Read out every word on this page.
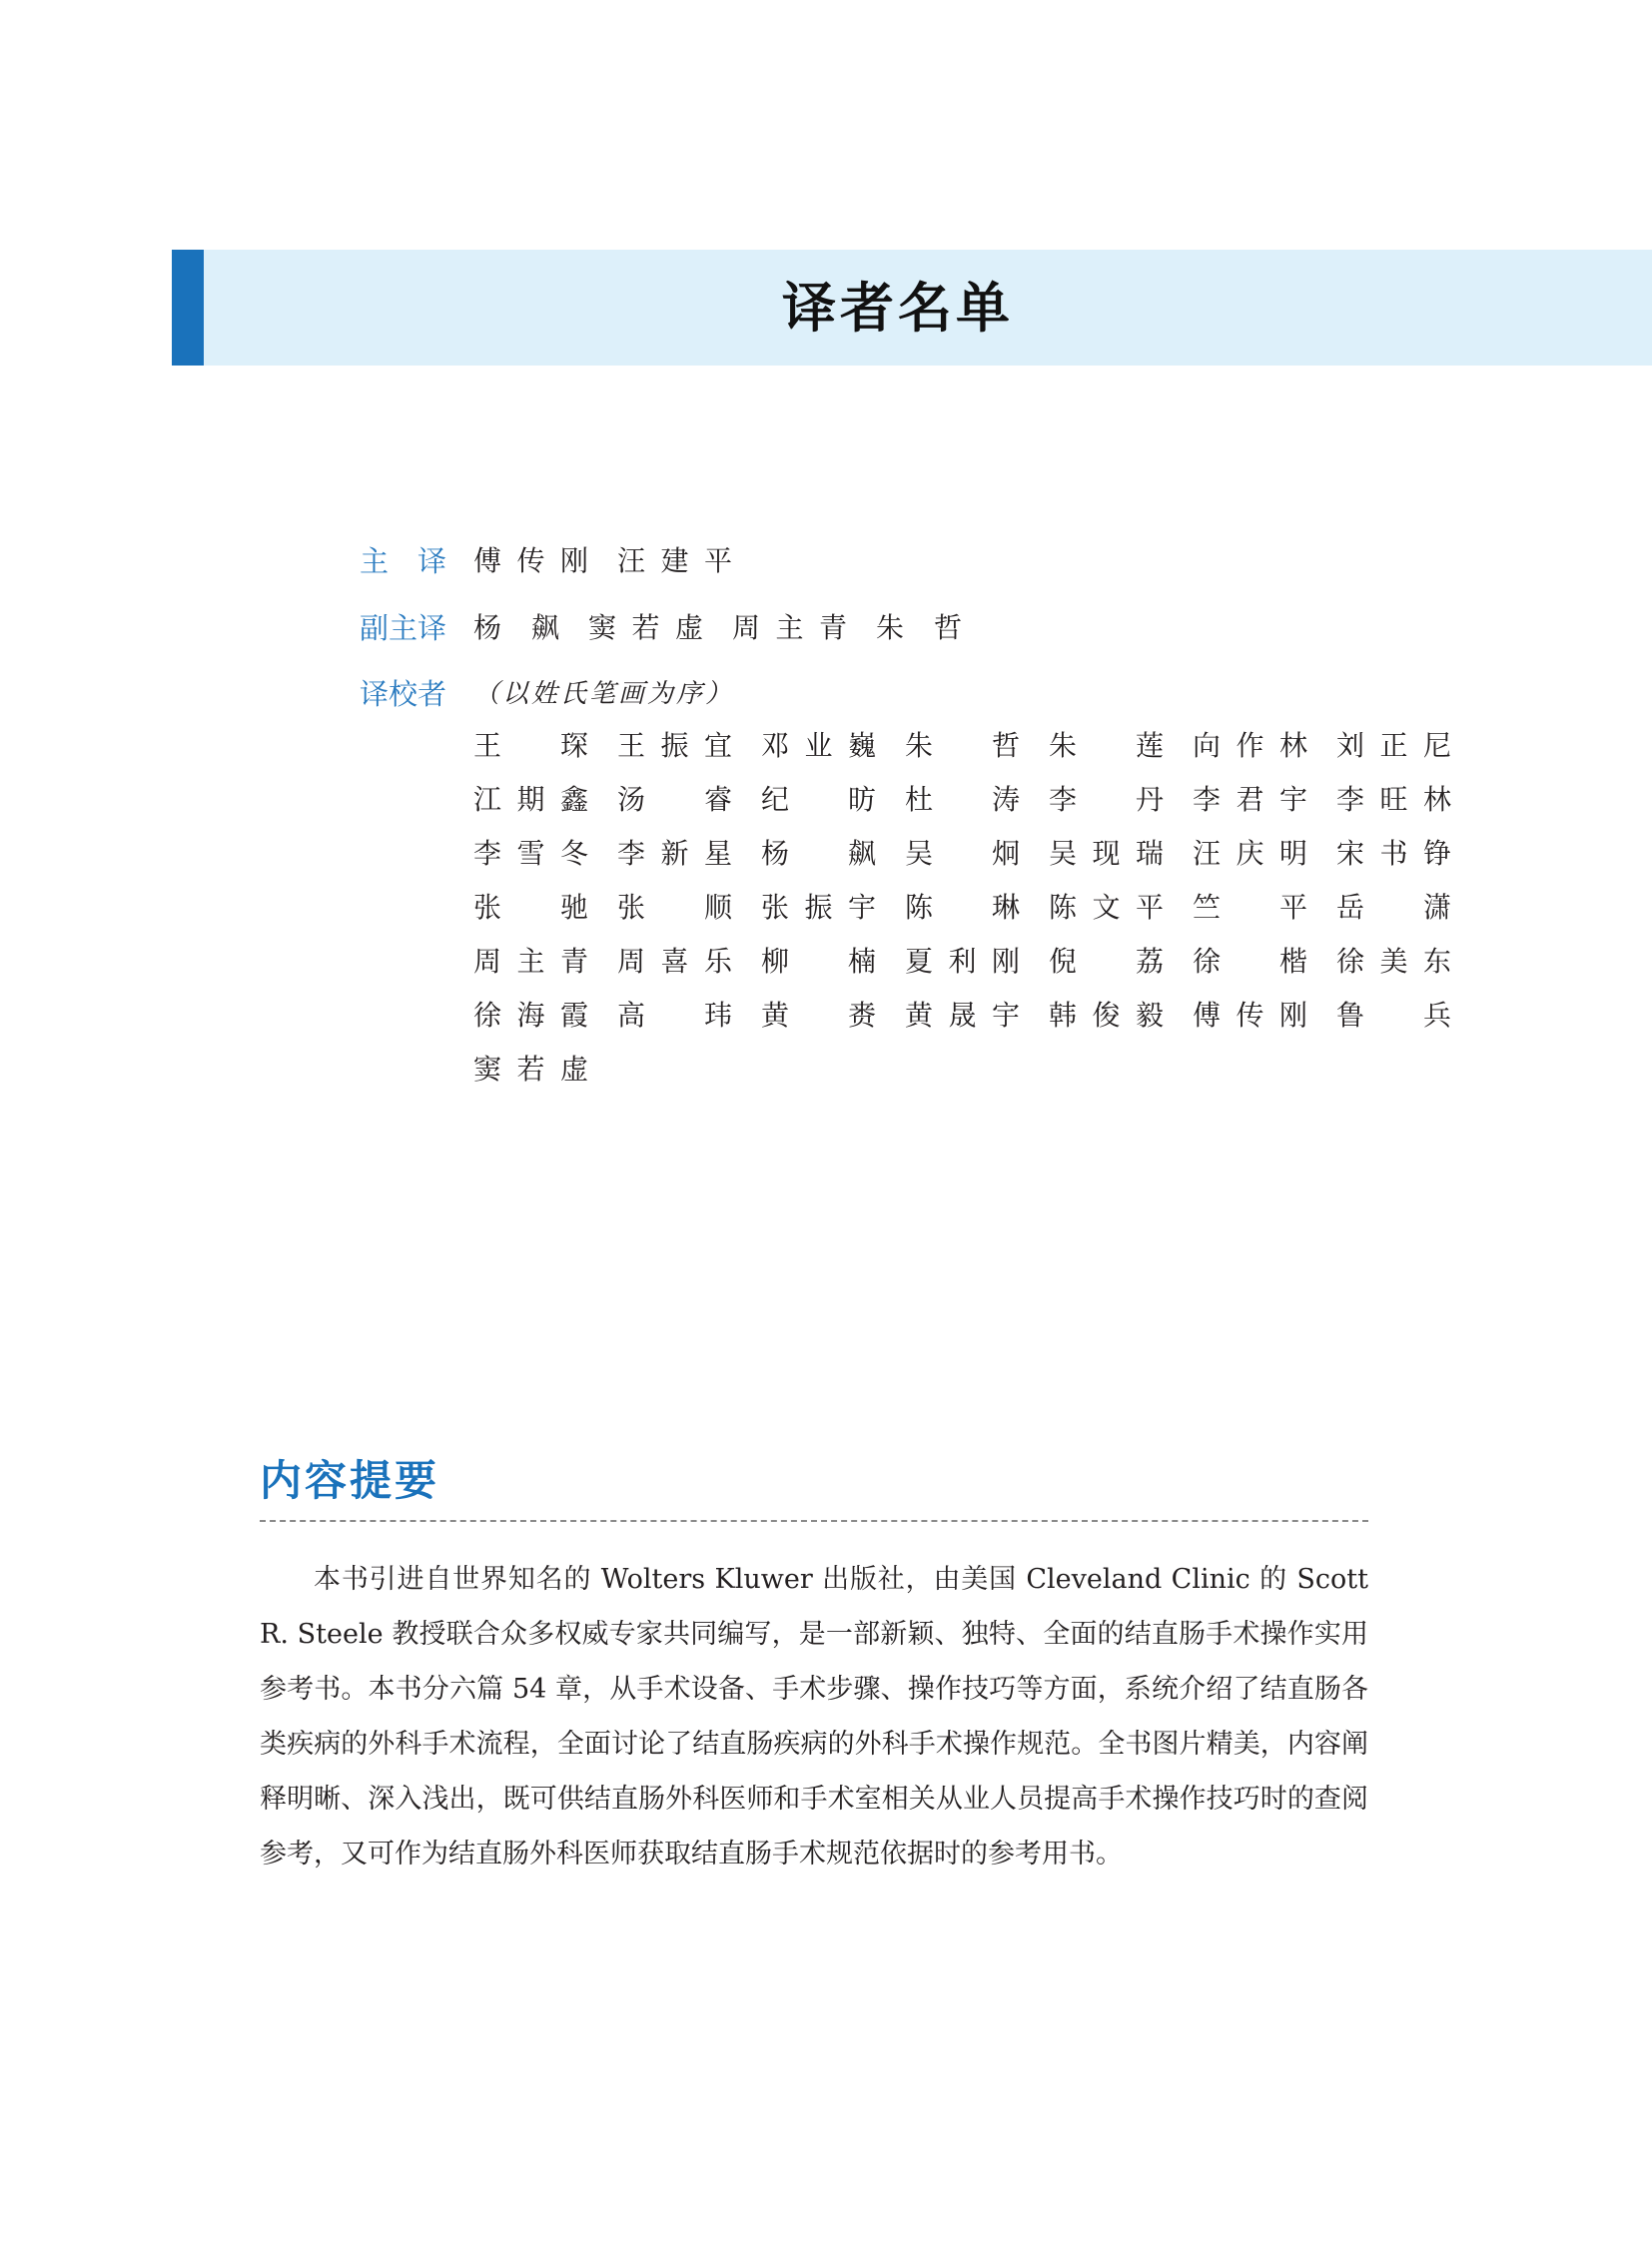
译者名单
主　译 傅传刚 汪建平
副主译 杨　飙 窦若虚 周主青 朱　哲
译校者 （以姓氏笔画为序）
王　琛 王振宜 邓业巍 朱　哲 朱　莲 向作林 刘正尼
江期鑫 汤　睿 纪　昉 杜　涛 李　丹 李君宇 李旺林
李雪冬 李新星 杨　飙 吴　炯 吴现瑞 汪庆明 宋书铮
张　驰 张　顺 张振宇 陈　琳 陈文平 竺　平 岳　潇
周主青 周喜乐 柳　楠 夏利刚 倪　荔 徐　楷 徐美东
徐海霞 高　玮 黄　赉 黄晟宇 韩俊毅 傅传刚 鲁　兵
窦若虚
内容提要
本书引进自世界知名的 Wolters Kluwer 出版社，由美国 Cleveland Clinic 的 Scott R. Steele 教授联合众多权威专家共同编写，是一部新颖、独特、全面的结直肠手术操作实用参考书。本书分六篇 54 章，从手术设备、手术步骤、操作技巧等方面，系统介绍了结直肠各类疾病的外科手术流程，全面讨论了结直肠疾病的外科手术操作规范。全书图片精美，内容阐释明晰、深入浅出，既可供结直肠外科医师和手术室相关从业人员提高手术操作技巧时的查阅参考，又可作为结直肠外科医师获取结直肠手术规范依据时的参考用书。
